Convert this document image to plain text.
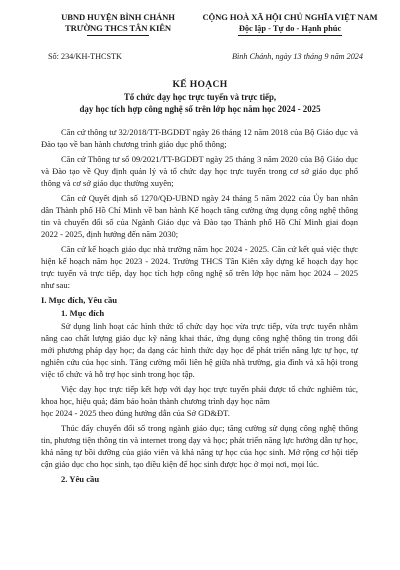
UBND HUYỆN BÌNH CHÁNH
TRƯỜNG THCS TÂN KIÊN
CỘNG HOÀ XÃ HỘI CHỦ NGHĨA VIỆT NAM
Độc lập - Tự do - Hạnh phúc
Số: 234/KH-THCSTK	Bình Chánh, ngày 13 tháng 9 năm 2024
KẾ HOẠCH
Tổ chức dạy học trực tuyến và trực tiếp,
dạy học tích hợp công nghệ số trên lớp học năm học 2024 - 2025

Căn cứ thông tư 32/2018/TT-BGDĐT ngày 26 tháng 12 năm 2018 của Bộ Giáo dục và Đào tạo về ban hành chương trình giáo dục phổ thông;

Căn cứ Thông tư số 09/2021/TT-BGDĐT ngày 25 tháng 3 năm 2020 của Bộ Giáo dục và Đào tạo về Quy định quản lý và tổ chức dạy học trực tuyến trong cơ sở giáo dục phổ thông và cơ sở giáo dục thường xuyên;

Căn cứ Quyết định số 1270/QĐ-UBND ngày 24 tháng 5 năm 2022 của Ủy ban nhân dân Thành phố Hồ Chí Minh về ban hành Kế hoạch tăng cường ứng dụng công nghệ thông tin và chuyển đổi số của Ngành Giáo dục và Đào tạo Thành phố Hồ Chí Minh giai đoạn 2022 - 2025, định hướng đến năm 2030;

Căn cứ kế hoạch giáo dục nhà trường năm học 2024 - 2025. Căn cứ kết quả việc thực hiện kế hoạch năm học 2023 - 2024. Trường THCS Tân Kiên xây dựng kế hoạch dạy học trực tuyến và trực tiếp, dạy học tích hợp công nghệ số trên lớp học năm học 2024 – 2025 như sau:

I. Mục đích, Yêu cầu
1. Mục đích

Sử dụng linh hoạt các hình thức tổ chức dạy học vừa trực tiếp, vừa trực tuyến nhằm nâng cao chất lượng giáo dục kỹ năng khai thác, ứng dụng công nghệ thông tin trong đổi mới phương pháp dạy học; đa dạng các hình thức dạy học để phát triển năng lực tự học, tự nghiên cứu của học sinh. Tăng cường mối liên hệ giữa nhà trường, gia đình và xã hội trong việc tổ chức và hỗ trợ học sinh trong học tập.

Việc dạy học trực tiếp kết hợp với dạy học trực tuyến phải được tổ chức nghiêm túc, khoa học, hiệu quả; đảm bảo hoàn thành chương trình dạy học năm

học 2024 - 2025 theo đúng hướng dẫn của Sở GD&ĐT.

Thúc đẩy chuyển đổi số trong ngành giáo dục; tăng cường sử dụng công nghệ thông tin, phương tiện thông tin và internet trong dạy và học; phát triển năng lực hướng dẫn tự học, khả năng tự bồi dưỡng của giáo viên và khả năng tự học của học sinh. Mở rộng cơ hội tiếp cận giáo dục cho học sinh, tạo điều kiện để học sinh được học ở mọi nơi, mọi lúc.

2. Yêu cầu
